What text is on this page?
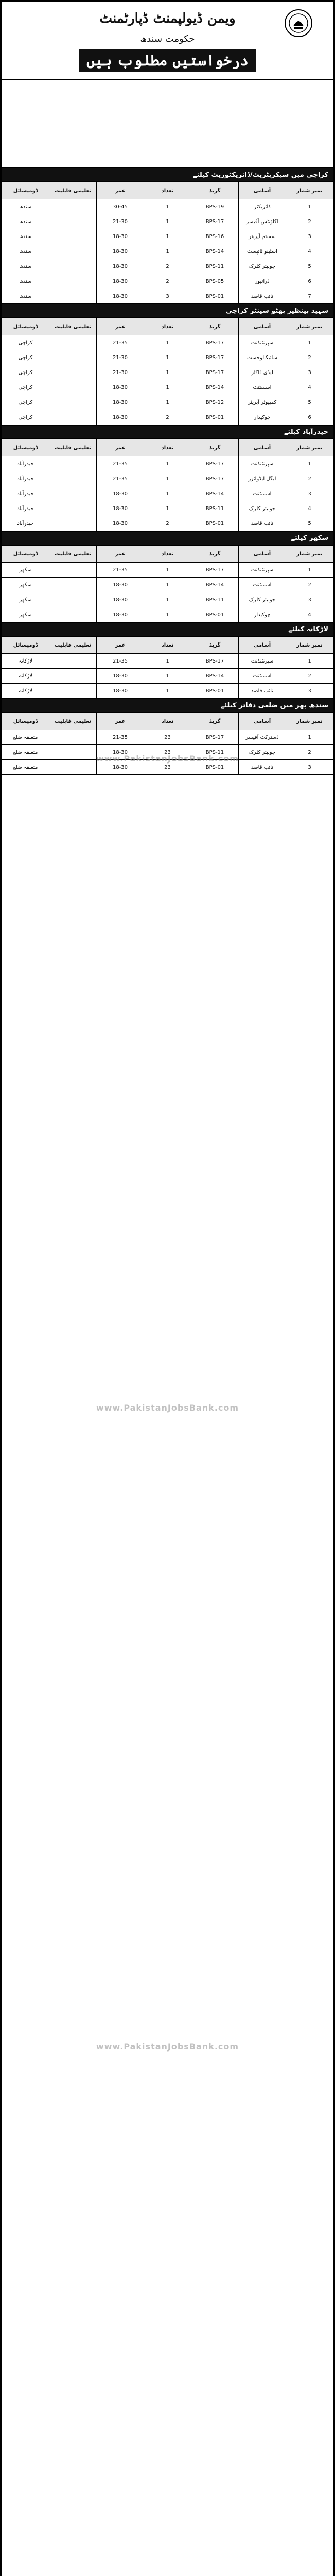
ویمن ڈیولپمنٹ ڈپارٹمنٹ
حکومت سندھ
درخواستیں مطلوب ہیں
کراچی میں سیکریٹریٹ/ڈائریکٹوریٹ کیلئے
نمبر شمار	آسامی	گریڈ	تعداد	عمر	تعلیمی قابلیت	ڈومیسائل
1	ڈائریکٹر	BPS-19	1	30-45		سندھ
2	اکاؤنٹس آفیسر	BPS-17	1	21-30		سندھ
3	سسٹم آپریٹر	BPS-16	1	18-30		سندھ
4	اسٹینو ٹائپسٹ	BPS-14	1	18-30		سندھ
5	جونیئر کلرک	BPS-11	2	18-30		سندھ
6	ڈرائیور	BPS-05	2	18-30		سندھ
7	نائب قاصد	BPS-01	3	18-30		سندھ
شہید بینظیر بھٹو سینٹر کراچی
نمبر شمار	آسامی	گریڈ	تعداد	عمر	تعلیمی قابلیت	ڈومیسائل
1	سپرنٹنڈنٹ	BPS-17	1	21-35		کراچی
2	سائیکالوجسٹ	BPS-17	1	21-30		کراچی
3	لیڈی ڈاکٹر	BPS-17	1	21-30		کراچی
4	اسسٹنٹ	BPS-14	1	18-30		کراچی
5	کمپیوٹر آپریٹر	BPS-12	1	18-30		کراچی
6	چوکیدار	BPS-01	2	18-30		کراچی
حیدرآباد کیلئے
نمبر شمار	آسامی	گریڈ	تعداد	عمر	تعلیمی قابلیت	ڈومیسائل
1	سپرنٹنڈنٹ	BPS-17	1	21-35		حیدرآباد
2	لیگل ایڈوائزر	BPS-17	1	21-35		حیدرآباد
3	اسسٹنٹ	BPS-14	1	18-30		حیدرآباد
4	جونیئر کلرک	BPS-11	1	18-30		حیدرآباد
5	نائب قاصد	BPS-01	2	18-30		حیدرآباد
سکھر کیلئے
نمبر شمار	آسامی	گریڈ	تعداد	عمر	تعلیمی قابلیت	ڈومیسائل
1	سپرنٹنڈنٹ	BPS-17	1	21-35		سکھر
2	اسسٹنٹ	BPS-14	1	18-30		سکھر
3	جونیئر کلرک	BPS-11	1	18-30		سکھر
4	چوکیدار	BPS-01	1	18-30		سکھر
لاڑکانہ کیلئے
نمبر شمار	آسامی	گریڈ	تعداد	عمر	تعلیمی قابلیت	ڈومیسائل
1	سپرنٹنڈنٹ	BPS-17	1	21-35		لاڑکانہ
2	اسسٹنٹ	BPS-14	1	18-30		لاڑکانہ
3	نائب قاصد	BPS-01	1	18-30		لاڑکانہ
سندھ بھر میں ضلعی دفاتر کیلئے
نمبر شمار	آسامی	گریڈ	تعداد	عمر	تعلیمی قابلیت	ڈومیسائل
1	ڈسٹرکٹ آفیسر	BPS-17	23	21-35		متعلقہ ضلع
2	جونیئر کلرک	BPS-11	23	18-30		متعلقہ ضلع
3	نائب قاصد	BPS-01	23	18-30		متعلقہ ضلع
www.PakistanJobsBank.com
www.PakistanJobsBank.com
www.PakistanJobsBank.com
